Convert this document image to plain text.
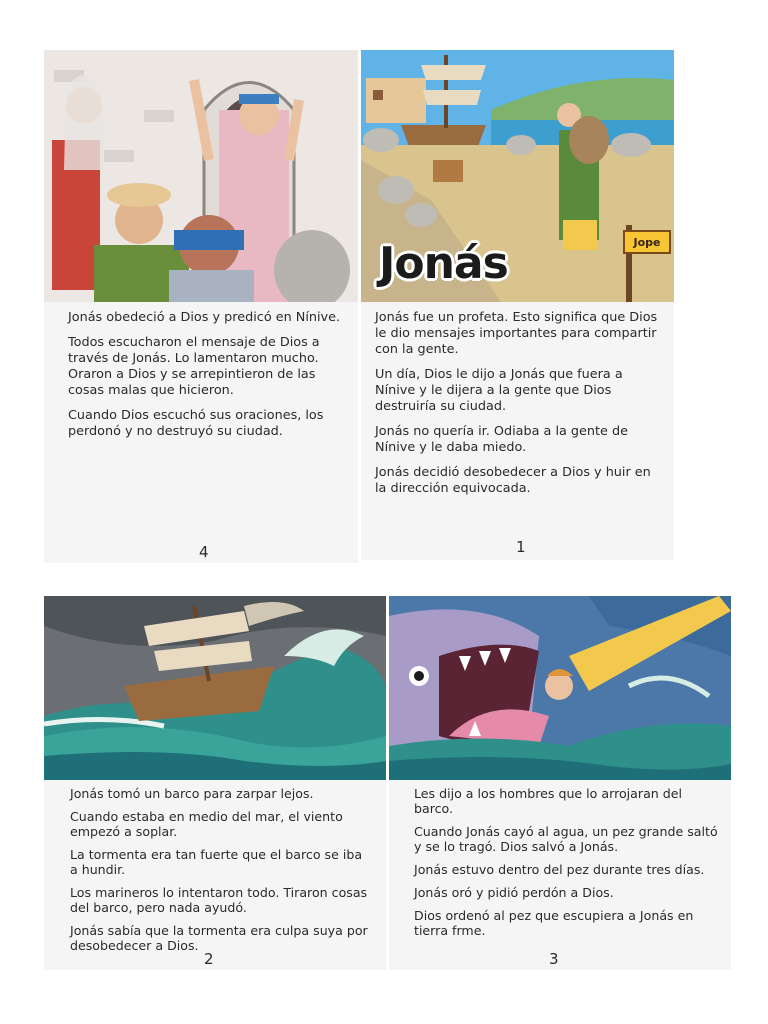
Jonás obedeció a Dios y predicó en Nínive.

Todos escucharon el mensaje de Dios a través de Jonás. Lo lamentaron mucho. Oraron a Dios y se arrepintieron de las cosas malas que hicieron.

Cuando Dios escuchó sus oraciones, los perdonó y no destruyó su ciudad.

4
Jonás	Jope

Jonás fue un profeta. Esto significa que Dios le dio mensajes importantes para compartir con la gente.

Un día, Dios le dijo a Jonás que fuera a Nínive y le dijera a la gente que Dios destruiría su ciudad.

Jonás no quería ir. Odiaba a la gente de Nínive y le daba miedo.

Jonás decidió desobedecer a Dios y huir en la dirección equivocada.

1

Jonás tomó un barco para zarpar lejos.

Cuando estaba en medio del mar, el viento empezó a soplar.

La tormenta era tan fuerte que el barco se iba a hundir.

Los marineros lo intentaron todo. Tiraron cosas del barco, pero nada ayudó.

Jonás sabía que la tormenta era culpa suya por desobedecer a Dios.

2

Les dijo a los hombres que lo arrojaran del barco.

Cuando Jonás cayó al agua, un pez grande saltó y se lo tragó. Dios salvó a Jonás.

Jonás estuvo dentro del pez durante tres días.

Jonás oró y pidió perdón a Dios.

Dios ordenó al pez que escupiera a Jonás en tierra frme.

3
